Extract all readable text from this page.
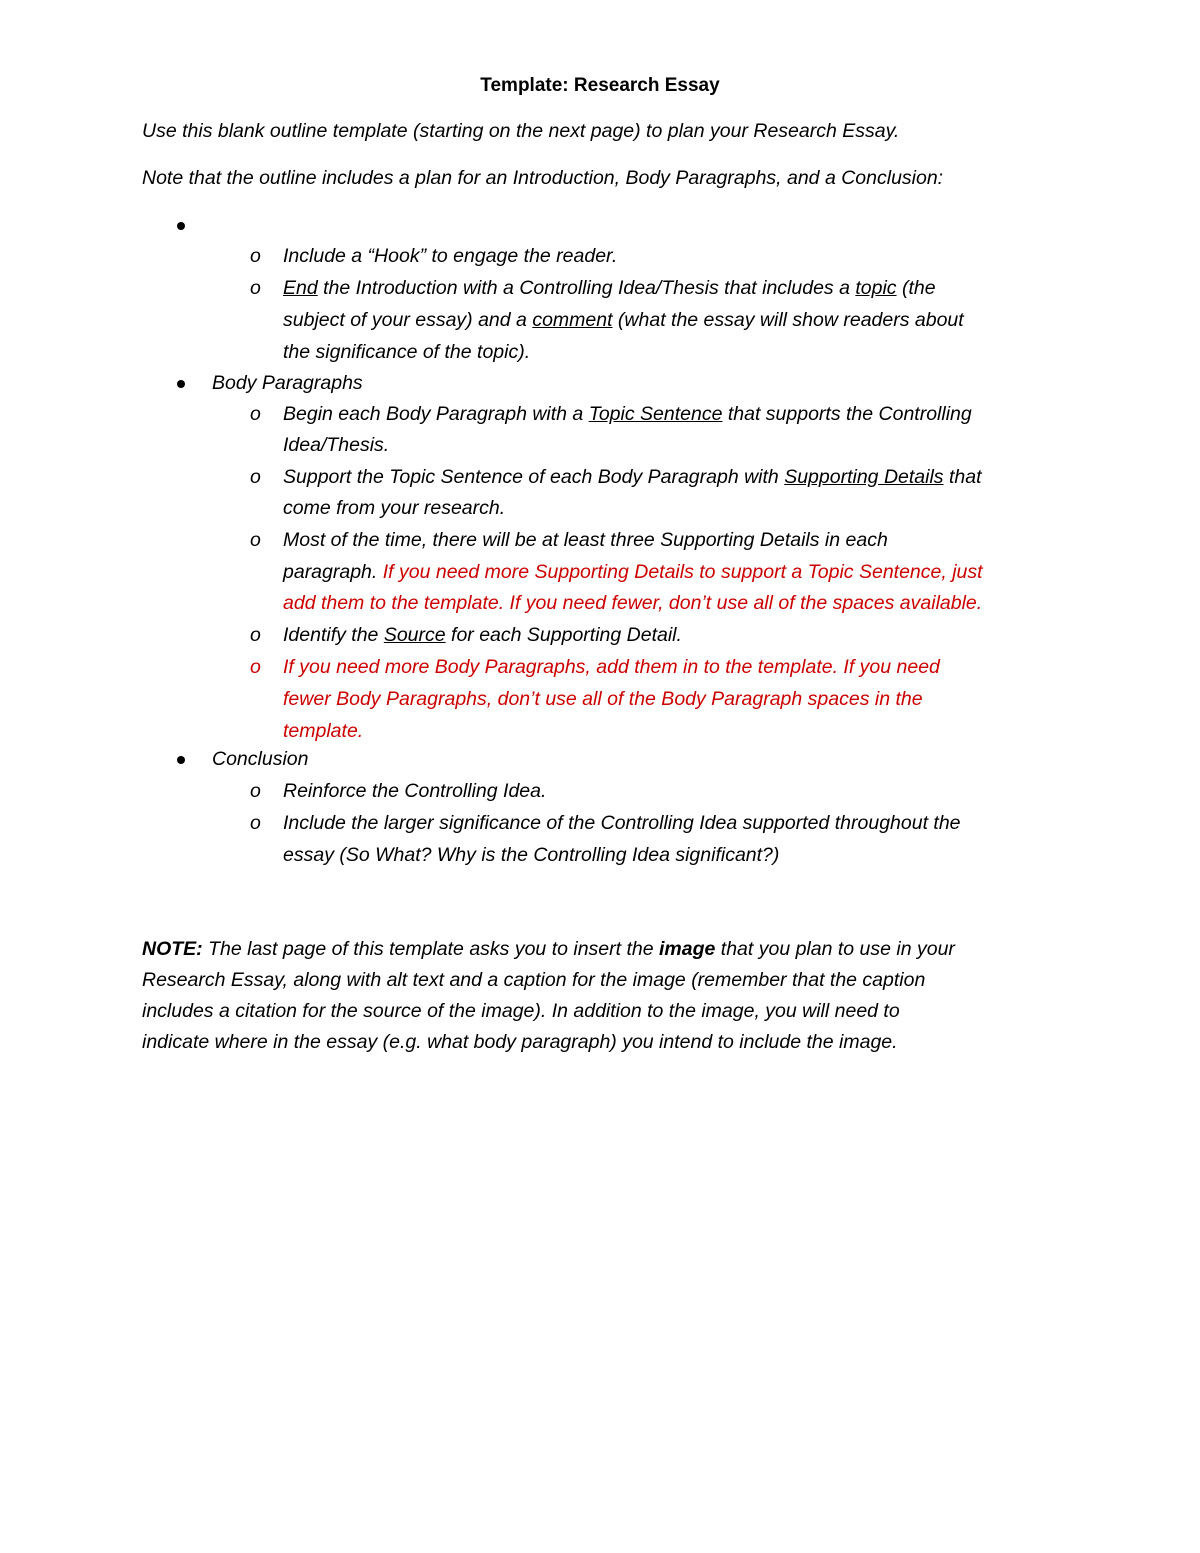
Template: Research Essay
Use this blank outline template (starting on the next page) to plan your Research Essay.
Note that the outline includes a plan for an Introduction, Body Paragraphs, and a Conclusion:
o Include a “Hook” to engage the reader.
o End the Introduction with a Controlling Idea/Thesis that includes a topic (the
subject of your essay) and a comment (what the essay will show readers about
the significance of the topic).
Body Paragraphs
o Begin each Body Paragraph with a Topic Sentence that supports the Controlling
Idea/Thesis.
o Support the Topic Sentence of each Body Paragraph with Supporting Details that
come from your research.
o Most of the time, there will be at least three Supporting Details in each
paragraph. If you need more Supporting Details to support a Topic Sentence, just
add them to the template. If you need fewer, don’t use all of the spaces available.
o Identify the Source for each Supporting Detail.
o If you need more Body Paragraphs, add them in to the template. If you need
fewer Body Paragraphs, don’t use all of the Body Paragraph spaces in the
template.
Conclusion
o Reinforce the Controlling Idea.
o Include the larger significance of the Controlling Idea supported throughout the
essay (So What? Why is the Controlling Idea significant?)
NOTE: The last page of this template asks you to insert the image that you plan to use in your
Research Essay, along with alt text and a caption for the image (remember that the caption
includes a citation for the source of the image). In addition to the image, you will need to
indicate where in the essay (e.g. what body paragraph) you intend to include the image.
